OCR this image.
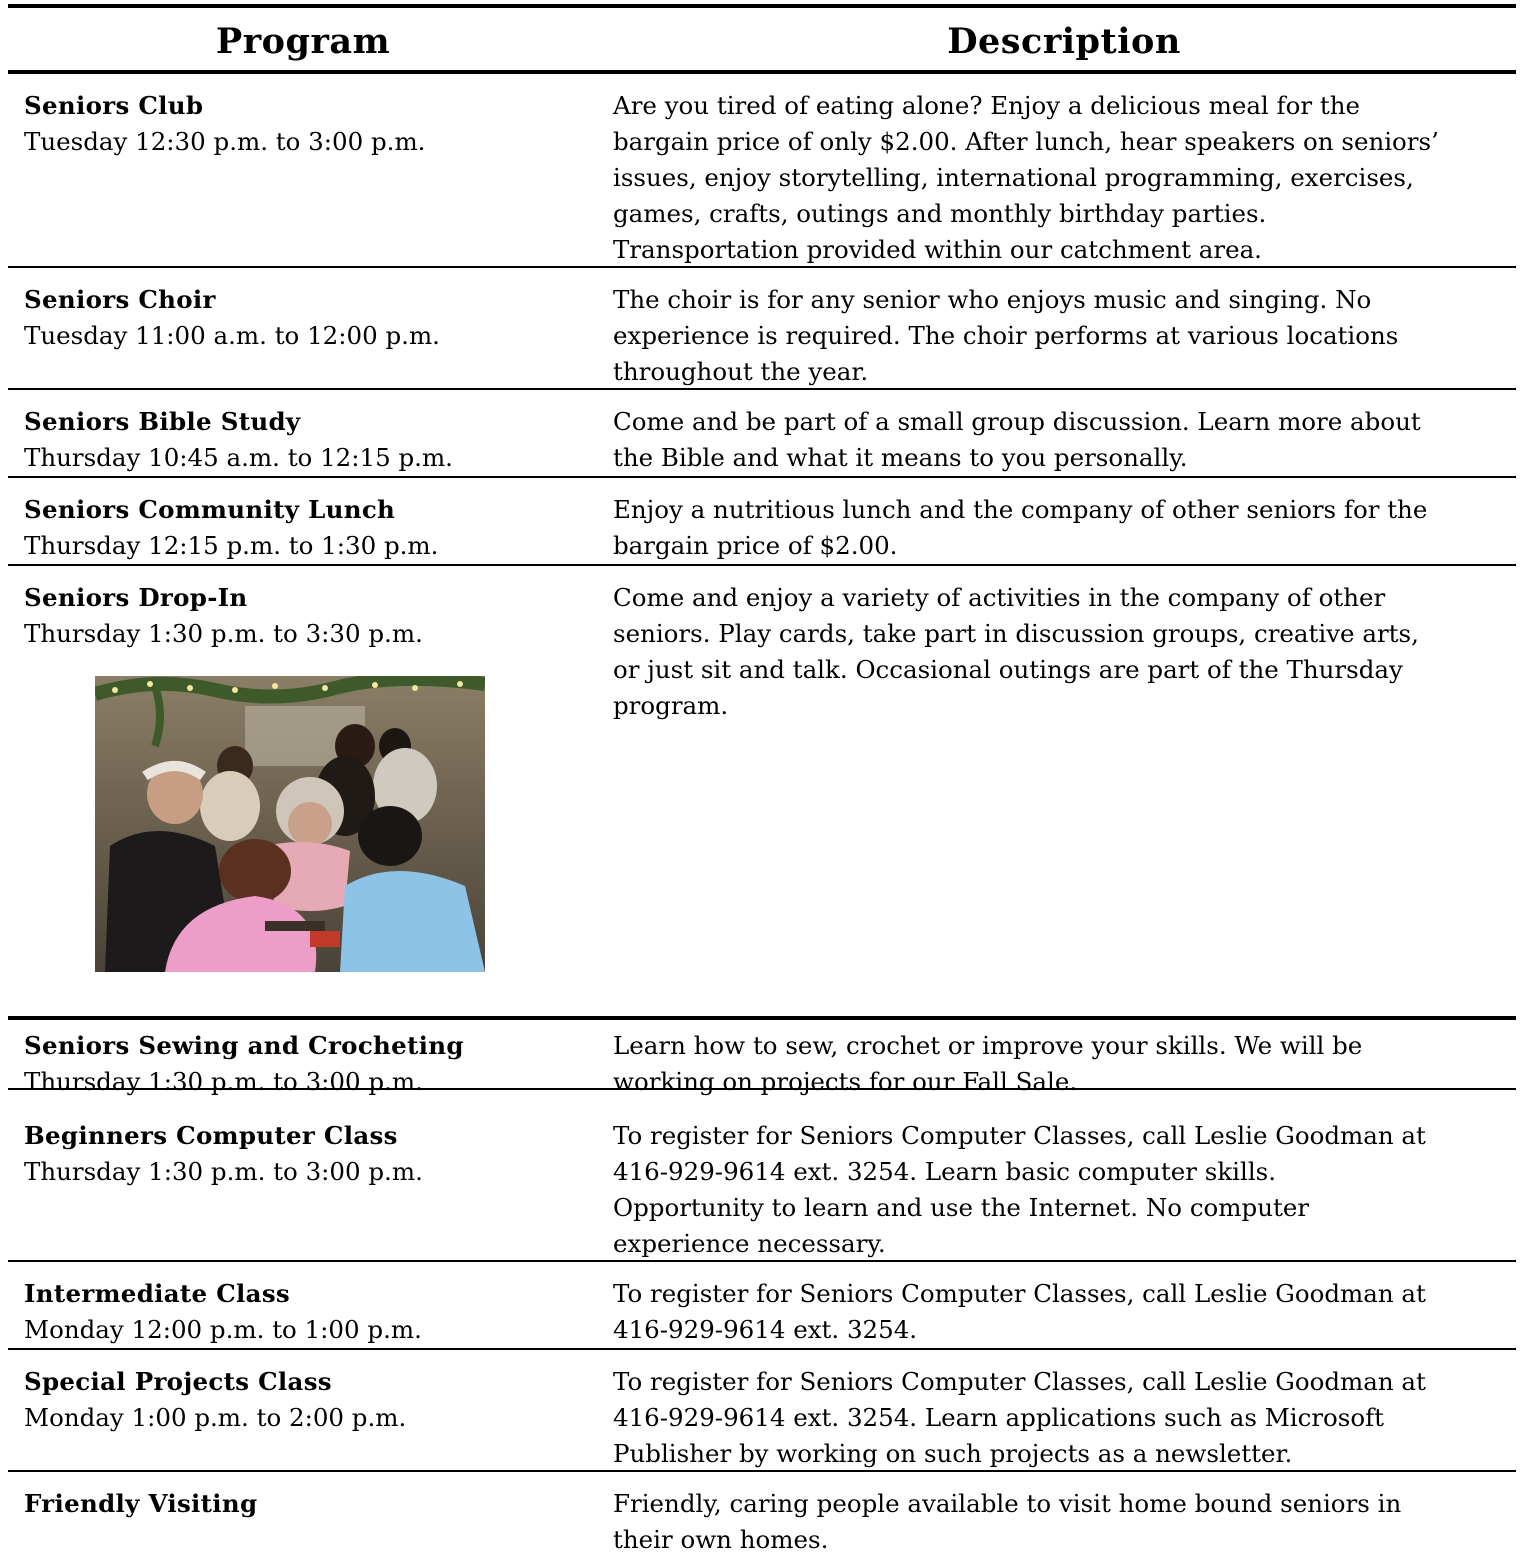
Program	Description
Seniors Club
Tuesday 12:30 p.m. to 3:00 p.m.
Are you tired of eating alone? Enjoy a delicious meal for the
bargain price of only $2.00. After lunch, hear speakers on seniors’
issues, enjoy storytelling, international programming, exercises,
games, crafts, outings and monthly birthday parties.
Transportation provided within our catchment area.
Seniors Choir
Tuesday 11:00 a.m. to 12:00 p.m.
The choir is for any senior who enjoys music and singing. No
experience is required. The choir performs at various locations
throughout the year.
Seniors Bible Study
Thursday 10:45 a.m. to 12:15 p.m.
Come and be part of a small group discussion. Learn more about
the Bible and what it means to you personally.
Seniors Community Lunch
Thursday 12:15 p.m. to 1:30 p.m.
Enjoy a nutritious lunch and the company of other seniors for the
bargain price of $2.00.
Seniors Drop-In
Thursday 1:30 p.m. to 3:30 p.m.
Come and enjoy a variety of activities in the company of other
seniors. Play cards, take part in discussion groups, creative arts,
or just sit and talk. Occasional outings are part of the Thursday
program.
Seniors Sewing and Crocheting
Thursday 1:30 p.m. to 3:00 p.m.
Learn how to sew, crochet or improve your skills. We will be
working on projects for our Fall Sale.
Beginners Computer Class
Thursday 1:30 p.m. to 3:00 p.m.
To register for Seniors Computer Classes, call Leslie Goodman at
416-929-9614 ext. 3254. Learn basic computer skills.
Opportunity to learn and use the Internet. No computer
experience necessary.
Intermediate Class
Monday 12:00 p.m. to 1:00 p.m.
To register for Seniors Computer Classes, call Leslie Goodman at
416-929-9614 ext. 3254.
Special Projects Class
Monday 1:00 p.m. to 2:00 p.m.
To register for Seniors Computer Classes, call Leslie Goodman at
416-929-9614 ext. 3254. Learn applications such as Microsoft
Publisher by working on such projects as a newsletter.
Friendly Visiting	Friendly, caring people available to visit home bound seniors in
their own homes.
